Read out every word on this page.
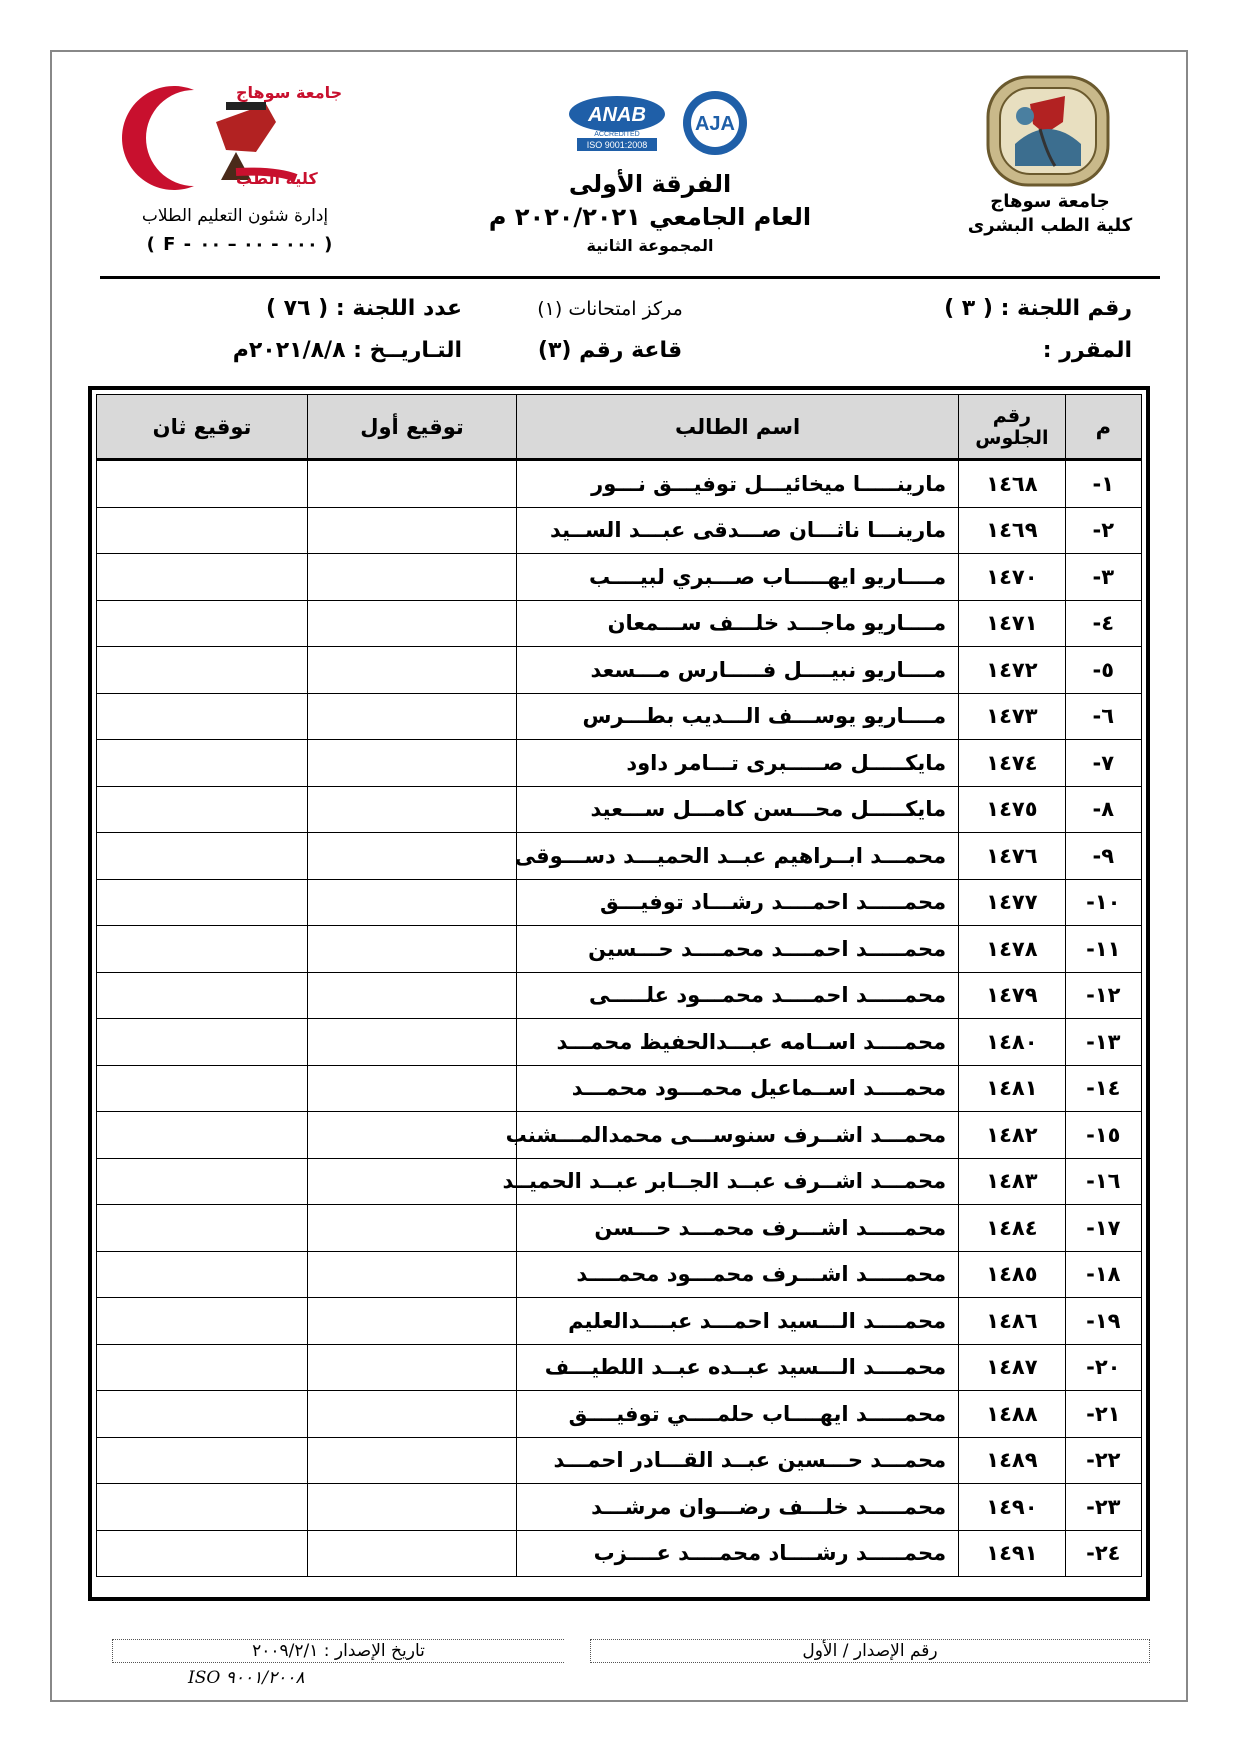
جامعة سوهاج
كلية الطب البشرى
ANAB
ACCREDITED
ISO 9001:2008
AJA
الفرقة الأولى
العام الجامعي ٢٠٢٠/٢٠٢١ م
المجموعة الثانية
جامعة سوهاج
كلية الطب
إدارة شئون التعليم الطلاب
( F - ٠٠٠ - ٠٠ – ٠٠ )
رقم اللجنة : ( ٣ )
المقرر :
مركز امتحانات (١)
قاعة رقم (٣)
عدد اللجنة : ( ٧٦ )
التـاريــخ : ٢٠٢١/٨/٨م
م	رقم الجلوس	اسم الطالب	توقيع أول	توقيع ثان
١-	١٤٦٨	مارينـــــا ميخائيـــل توفيـــق نـــور		
٢-	١٤٦٩	مارينـــا ناثـــان صـــدقى عبـــد الســيد		
٣-	١٤٧٠	مــــاريو ايهـــــاب صـــبري لبيــــب		
٤-	١٤٧١	مــــاريو ماجـــد خلـــف ســـمعان		
٥-	١٤٧٢	مــــاريو نبيــــل فـــــارس مـــسعد		
٦-	١٤٧٣	مــــاريو يوســـف الـــديب بطـــرس		
٧-	١٤٧٤	مايكـــــل صـــــبرى تـــامر داود		
٨-	١٤٧٥	مايكـــــل محـــسن كامـــل ســـعيد		
٩-	١٤٧٦	محمـــد ابــراهيم عبــد الحميـــد دســـوقى		
١٠-	١٤٧٧	محمـــــد احمــــد رشـــاد توفيـــق		
١١-	١٤٧٨	محمـــــد احمــــد محمــــد حـــسين		
١٢-	١٤٧٩	محمـــــد احمــــد محمـــود علـــــى		
١٣-	١٤٨٠	محمــــد اســامه عبـــدالحفيظ محمـــد		
١٤-	١٤٨١	محمــــد اســماعيل محمـــود محمـــد		
١٥-	١٤٨٢	محمـــد اشــرف سنوســـى محمدالمـــشنب		
١٦-	١٤٨٣	محمـــد اشــرف عبــد الجــابر عبــد الحميــد		
١٧-	١٤٨٤	محمـــــد اشـــرف محمـــد حـــسن		
١٨-	١٤٨٥	محمـــــد اشـــرف محمـــود محمــــد		
١٩-	١٤٨٦	محمــــد الـــسيد احمـــد عبــــدالعليم		
٢٠-	١٤٨٧	محمــــد الـــسيد عبــده عبــد اللطيـــف		
٢١-	١٤٨٨	محمـــــد ايهــــاب حلمــــي توفيــــق		
٢٢-	١٤٨٩	محمـــد حـــسين عبــد القـــادر احمـــد		
٢٣-	١٤٩٠	محمـــــد خلـــف رضـــوان مرشـــد		
٢٤-	١٤٩١	محمـــــد رشــــاد محمــــد عــــزب		
رقم الإصدار / الأول
تاريخ الإصدار : ٢٠٠٩/٢/١
ISO ٩٠٠١/٢٠٠٨
